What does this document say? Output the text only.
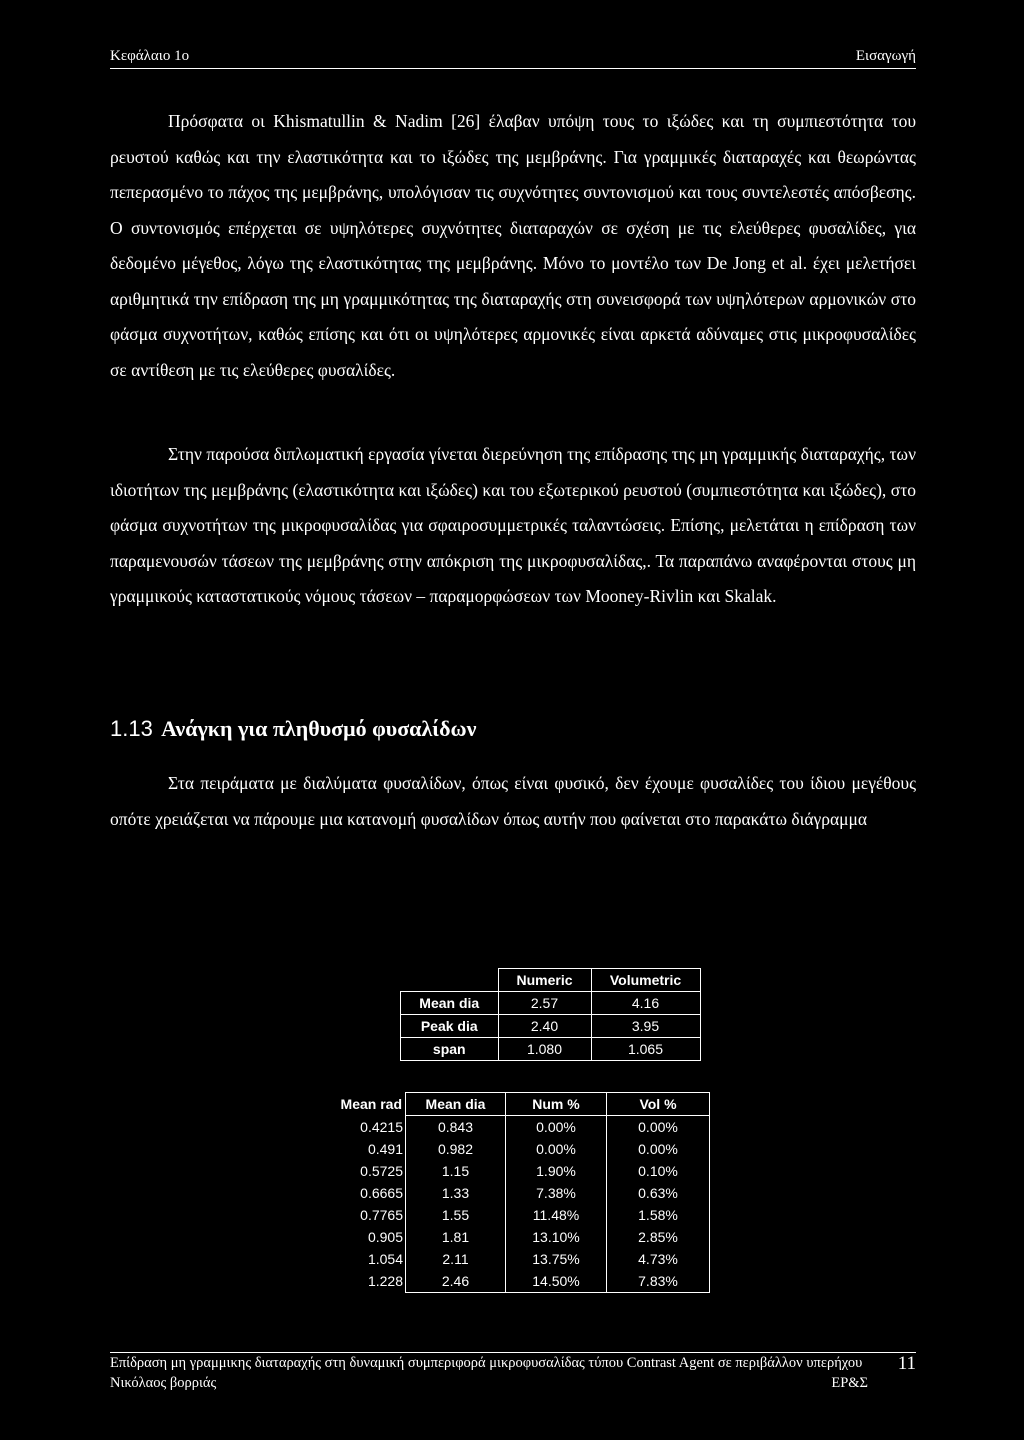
Κεφάλαιο 1ο	Εισαγωγή

Πρόσφατα οι Khismatullin & Nadim [26] έλαβαν υπόψη τους το ιξώδες και τη συμπιεστότητα του ρευστού καθώς και την ελαστικότητα και το ιξώδες της μεμβράνης. Για γραμμικές διαταραχές και θεωρώντας πεπερασμένο το πάχος της μεμβράνης, υπολόγισαν τις συχνότητες συντονισμού και τους συντελεστές απόσβεσης. Ο συντονισμός επέρχεται σε υψηλότερες συχνότητες διαταραχών σε σχέση με τις ελεύθερες φυσαλίδες, για δεδομένο μέγεθος, λόγω της ελαστικότητας της μεμβράνης. Μόνο το μοντέλο των De Jong et al. έχει μελετήσει αριθμητικά την επίδραση της μη γραμμικότητας της διαταραχής στη συνεισφορά των υψηλότερων αρμονικών στο φάσμα συχνοτήτων, καθώς επίσης και ότι οι υψηλότερες αρμονικές είναι αρκετά αδύναμες στις μικροφυσαλίδες σε αντίθεση με τις ελεύθερες φυσαλίδες.

Στην παρούσα διπλωματική εργασία γίνεται διερεύνηση της επίδρασης της μη γραμμικής διαταραχής, των ιδιοτήτων της μεμβράνης (ελαστικότητα και ιξώδες) και του εξωτερικού ρευστού (συμπιεστότητα και ιξώδες), στο φάσμα συχνοτήτων της μικροφυσαλίδας για σφαιροσυμμετρικές ταλαντώσεις. Επίσης, μελετάται η επίδραση των παραμενουσών τάσεων της μεμβράνης στην απόκριση της μικροφυσαλίδας,. Τα παραπάνω αναφέρονται στους μη γραμμικούς καταστατικούς νόμους τάσεων – παραμορφώσεων των Mooney-Rivlin και Skalak.

1.13 Ανάγκη για πληθυσμό φυσαλίδων

Στα πειράματα με διαλύματα φυσαλίδων, όπως είναι φυσικό, δεν έχουμε φυσαλίδες του ίδιου μεγέθους οπότε χρειάζεται να πάρουμε μια κατανομή φυσαλίδων όπως αυτήν που φαίνεται στο παρακάτω διάγραμμα

	Numeric	Volumetric
Mean dia	2.57	4.16
Peak dia	2.40	3.95
span	1.080	1.065
Mean rad	Mean dia	Num %	Vol %
0.4215	0.843	0.00%	0.00%
0.491	0.982	0.00%	0.00%
0.5725	1.15	1.90%	0.10%
0.6665	1.33	7.38%	0.63%
0.7765	1.55	11.48%	1.58%
0.905	1.81	13.10%	2.85%
1.054	2.11	13.75%	4.73%
1.228	2.46	14.50%	7.83%
Επίδραση μη γραμμικης διαταραχής στη δυναμική συμπεριφορά μικροφυσαλίδας τύπου Contrast Agent σε περιβάλλον υπερήχου
Νικόλαος βορριάς	ΕΡ&Σ
11
